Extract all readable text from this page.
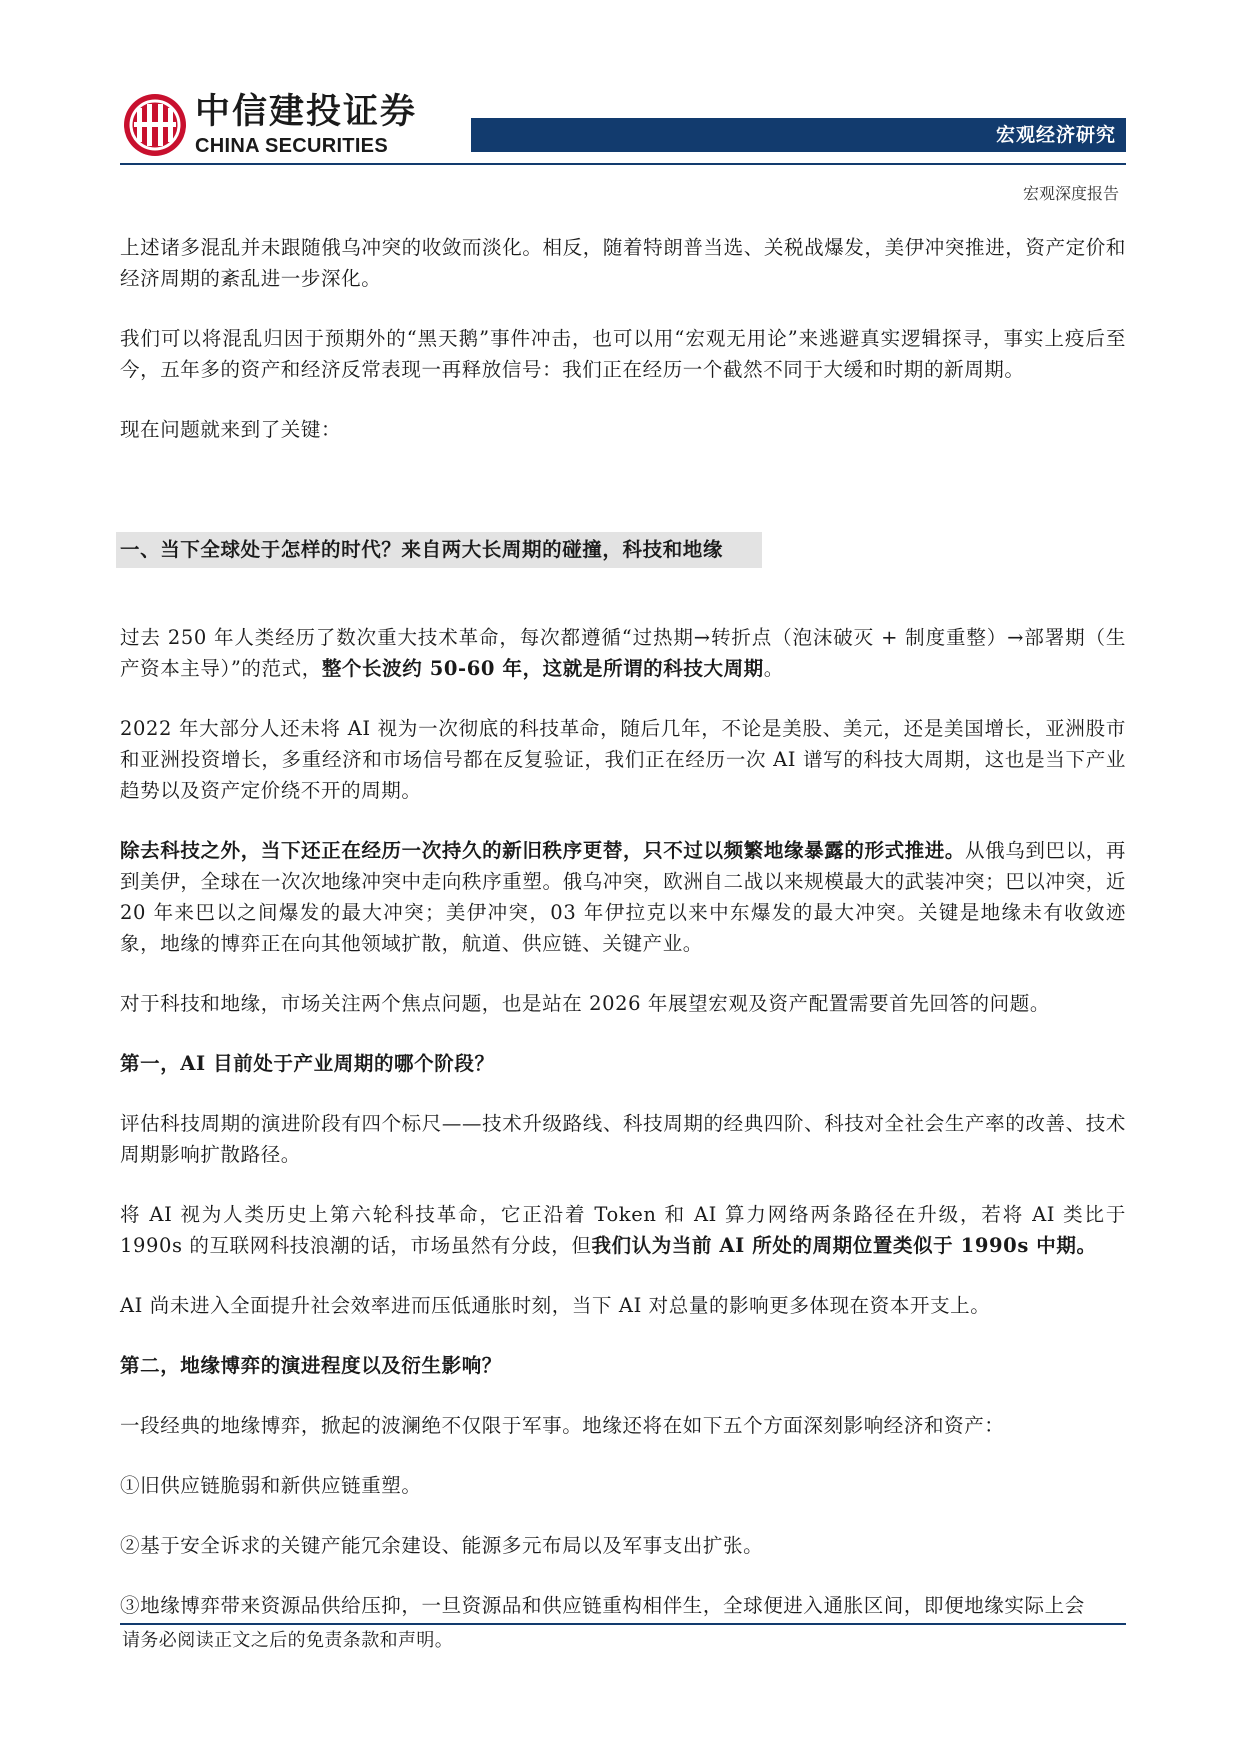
中信建投证券
CHINA SECURITIES	宏观经济研究
宏观深度报告

上述诸多混乱并未跟随俄乌冲突的收敛而淡化。相反，随着特朗普当选、关税战爆发，美伊冲突推进，资产定价和经济周期的紊乱进一步深化。

我们可以将混乱归因于预期外的“黑天鹅”事件冲击，也可以用“宏观无用论”来逃避真实逻辑探寻，事实上疫后至今，五年多的资产和经济反常表现一再释放信号：我们正在经历一个截然不同于大缓和时期的新周期。

现在问题就来到了关键：

一、当下全球处于怎样的时代？来自两大长周期的碰撞，科技和地缘

过去 250 年人类经历了数次重大技术革命，每次都遵循“过热期→转折点（泡沫破灭 + 制度重整）→部署期（生产资本主导）”的范式，整个长波约 50-60 年，这就是所谓的科技大周期。

2022 年大部分人还未将 AI 视为一次彻底的科技革命，随后几年，不论是美股、美元，还是美国增长，亚洲股市和亚洲投资增长，多重经济和市场信号都在反复验证，我们正在经历一次 AI 谱写的科技大周期，这也是当下产业趋势以及资产定价绕不开的周期。

除去科技之外，当下还正在经历一次持久的新旧秩序更替，只不过以频繁地缘暴露的形式推进。从俄乌到巴以，再到美伊，全球在一次次地缘冲突中走向秩序重塑。俄乌冲突，欧洲自二战以来规模最大的武装冲突；巴以冲突，近 20 年来巴以之间爆发的最大冲突；美伊冲突，03 年伊拉克以来中东爆发的最大冲突。关键是地缘未有收敛迹象，地缘的博弈正在向其他领域扩散，航道、供应链、关键产业。

对于科技和地缘，市场关注两个焦点问题，也是站在 2026 年展望宏观及资产配置需要首先回答的问题。

第一，AI 目前处于产业周期的哪个阶段？

评估科技周期的演进阶段有四个标尺——技术升级路线、科技周期的经典四阶、科技对全社会生产率的改善、技术周期影响扩散路径。

将 AI 视为人类历史上第六轮科技革命，它正沿着 Token 和 AI 算力网络两条路径在升级，若将 AI 类比于 1990s 的互联网科技浪潮的话，市场虽然有分歧，但我们认为当前 AI 所处的周期位置类似于 1990s 中期。

AI 尚未进入全面提升社会效率进而压低通胀时刻，当下 AI 对总量的影响更多体现在资本开支上。

第二，地缘博弈的演进程度以及衍生影响？

一段经典的地缘博弈，掀起的波澜绝不仅限于军事。地缘还将在如下五个方面深刻影响经济和资产：

①旧供应链脆弱和新供应链重塑。

②基于安全诉求的关键产能冗余建设、能源多元布局以及军事支出扩张。

③地缘博弈带来资源品供给压抑，一旦资源品和供应链重构相伴生，全球便进入通胀区间，即便地缘实际上会

请务必阅读正文之后的免责条款和声明。
